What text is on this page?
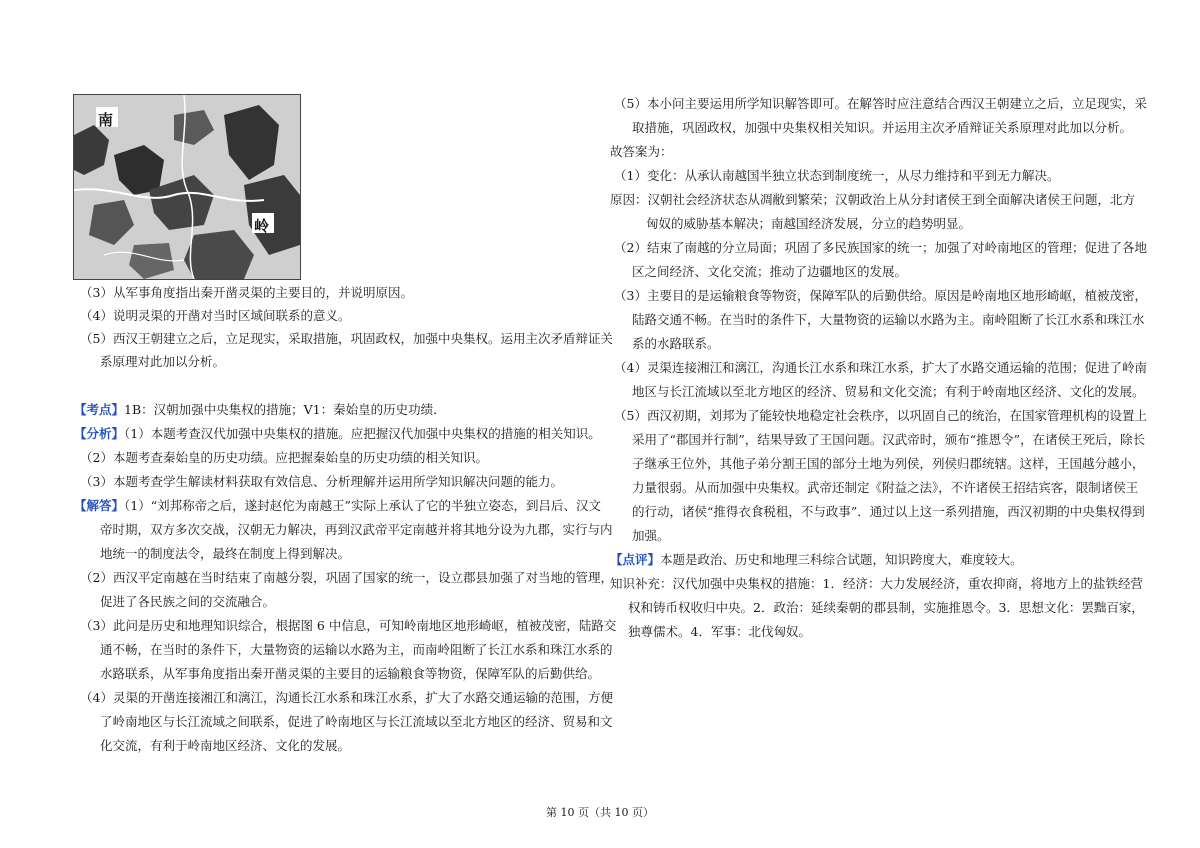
南
岭
（3）从军事角度指出秦开凿灵渠的主要目的，并说明原因。
（4）说明灵渠的开凿对当时区域间联系的意义。
（5）西汉王朝建立之后，立足现实，采取措施，巩固政权，加强中央集权。运用主次矛盾辩证关
系原理对此加以分析。
【考点】1B：汉朝加强中央集权的措施；V1：秦始皇的历史功绩．
【分析】（1）本题考查汉代加强中央集权的措施。应把握汉代加强中央集权的措施的相关知识。
（2）本题考查秦始皇的历史功绩。应把握秦始皇的历史功绩的相关知识。
（3）本题考查学生解读材料获取有效信息、分析理解并运用所学知识解决问题的能力。
【解答】（1）“刘邦称帝之后，遂封赵佗为南越王”实际上承认了它的半独立姿态，到吕后、汉文
帝时期，双方多次交战，汉朝无力解决，再到汉武帝平定南越并将其地分设为九郡，实行与内
地统一的制度法令，最终在制度上得到解决。
（2）西汉平定南越在当时结束了南越分裂，巩固了国家的统一，设立郡县加强了对当地的管理，
促进了各民族之间的交流融合。
（3）此问是历史和地理知识综合，根据图 6 中信息，可知岭南地区地形崎岖，植被茂密，陆路交
通不畅，在当时的条件下，大量物资的运输以水路为主，而南岭阻断了长江水系和珠江水系的
水路联系，从军事角度指出秦开凿灵渠的主要目的运输粮食等物资，保障军队的后勤供给。
（4）灵渠的开凿连接湘江和漓江，沟通长江水系和珠江水系，扩大了水路交通运输的范围，方便
了岭南地区与长江流域之间联系，促进了岭南地区与长江流域以至北方地区的经济、贸易和文
化交流，有利于岭南地区经济、文化的发展。
（5）本小问主要运用所学知识解答即可。在解答时应注意结合西汉王朝建立之后，立足现实，采
取措施，巩固政权，加强中央集权相关知识。并运用主次矛盾辩证关系原理对此加以分析。
故答案为：
（1）变化：从承认南越国半独立状态到制度统一，从尽力维持和平到无力解决。
原因：汉朝社会经济状态从凋敝到繁荣；汉朝政治上从分封诸侯王到全面解决诸侯王问题，北方
匈奴的威胁基本解决；南越国经济发展，分立的趋势明显。
（2）结束了南越的分立局面；巩固了多民族国家的统一；加强了对岭南地区的管理；促进了各地
区之间经济、文化交流；推动了边疆地区的发展。
（3）主要目的是运输粮食等物资，保障军队的后勤供给。原因是岭南地区地形崎岖，植被茂密，
陆路交通不畅。在当时的条件下，大量物资的运输以水路为主。南岭阻断了长江水系和珠江水
系的水路联系。
（4）灵渠连接湘江和漓江，沟通长江水系和珠江水系，扩大了水路交通运输的范围；促进了岭南
地区与长江流域以至北方地区的经济、贸易和文化交流；有利于岭南地区经济、文化的发展。
（5）西汉初期，刘邦为了能较快地稳定社会秩序，以巩固自己的统治，在国家管理机构的设置上
采用了“郡国并行制”，结果导致了王国问题。汉武帝时，颁布“推恩令”，在诸侯王死后，除长
子继承王位外，其他子弟分割王国的部分土地为列侯，列侯归郡统辖。这样，王国越分越小，
力量很弱。从而加强中央集权。武帝还制定《附益之法》，不许诸侯王招结宾客，限制诸侯王
的行动，诸侯“推得衣食税租，不与政事”．通过以上这一系列措施，西汉初期的中央集权得到
加强。
【点评】本题是政治、历史和地理三科综合试题，知识跨度大，难度较大。
知识补充：汉代加强中央集权的措施：1．经济：大力发展经济，重农抑商，将地方上的盐铁经营
权和铸币权收归中央。2．政治：延续秦朝的郡县制，实施推恩令。3．思想文化：罢黜百家，
独尊儒术。4．军事：北伐匈奴。
第 10 页（共 10 页）
